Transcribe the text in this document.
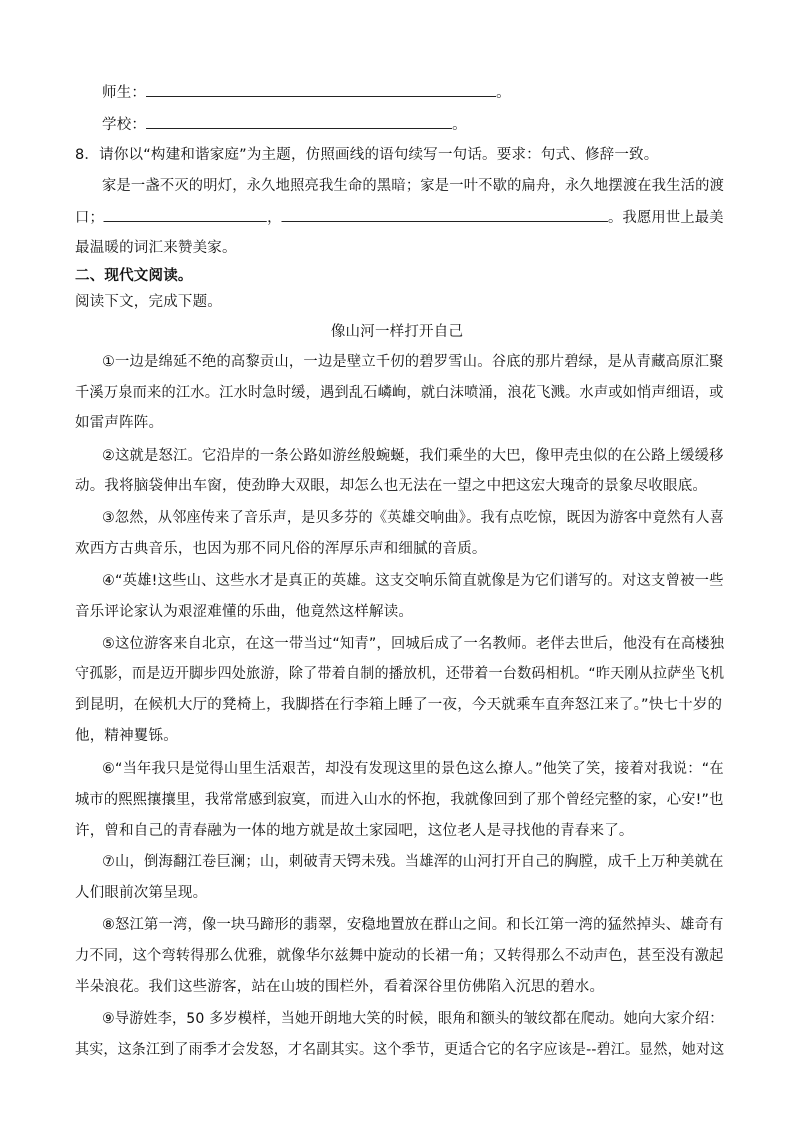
师生：	。
学校：	。
8．请你以“构建和谐家庭”为主题，仿照画线的语句续写一句话。要求：句式、修辞一致。
家是一盏不灭的明灯，永久地照亮我生命的黑暗；家是一叶不歇的扁舟，永久地摆渡在我生活的渡
口；	，	。我愿用世上最美
最温暖的词汇来赞美家。
二、现代文阅读。
阅读下文，完成下题。
像山河一样打开自己
①一边是绵延不绝的高黎贡山，一边是壁立千仞的碧罗雪山。谷底的那片碧绿，是从青藏高原汇聚
千溪万泉而来的江水。江水时急时缓，遇到乱石嶙峋，就白沫喷涌，浪花飞溅。水声或如悄声细语，或
如雷声阵阵。
②这就是怒江。它沿岸的一条公路如游丝般蜿蜒，我们乘坐的大巴，像甲壳虫似的在公路上缓缓移
动。我将脑袋伸出车窗，使劲睁大双眼，却怎么也无法在一望之中把这宏大瑰奇的景象尽收眼底。
③忽然，从邻座传来了音乐声，是贝多芬的《英雄交响曲》。我有点吃惊，既因为游客中竟然有人喜
欢西方古典音乐，也因为那不同凡俗的浑厚乐声和细腻的音质。
④“英雄!这些山、这些水才是真正的英雄。这支交响乐简直就像是为它们谱写的。对这支曾被一些
音乐评论家认为艰涩难懂的乐曲，他竟然这样解读。
⑤这位游客来自北京，在这一带当过“知青”，回城后成了一名教师。老伴去世后，他没有在高楼独
守孤影，而是迈开脚步四处旅游，除了带着自制的播放机，还带着一台数码相机。“昨天刚从拉萨坐飞机
到昆明，在候机大厅的凳椅上，我脚搭在行李箱上睡了一夜，今天就乘车直奔怒江来了。”快七十岁的
他，精神矍铄。
⑥“当年我只是觉得山里生活艰苦，却没有发现这里的景色这么撩人。”他笑了笑，接着对我说：“在
城市的熙熙攘攘里，我常常感到寂寞，而进入山水的怀抱，我就像回到了那个曾经完整的家，心安!”也
许，曾和自己的青春融为一体的地方就是故土家园吧，这位老人是寻找他的青春来了。
⑦山，倒海翻江卷巨澜；山，刺破青天锷未残。当雄浑的山河打开自己的胸膛，成千上万种美就在
人们眼前次第呈现。
⑧怒江第一湾，像一块马蹄形的翡翠，安稳地置放在群山之间。和长江第一湾的猛然掉头、雄奇有
力不同，这个弯转得那么优雅，就像华尔兹舞中旋动的长裙一角；又转得那么不动声色，甚至没有激起
半朵浪花。我们这些游客，站在山坡的围栏外，看着深谷里仿佛陷入沉思的碧水。
⑨导游姓李，50 多岁模样，当她开朗地大笑的时候，眼角和额头的皱纹都在爬动。她向大家介绍：
其实，这条江到了雨季才会发怒，才名副其实。这个季节，更适合它的名字应该是--碧江。显然，她对这
